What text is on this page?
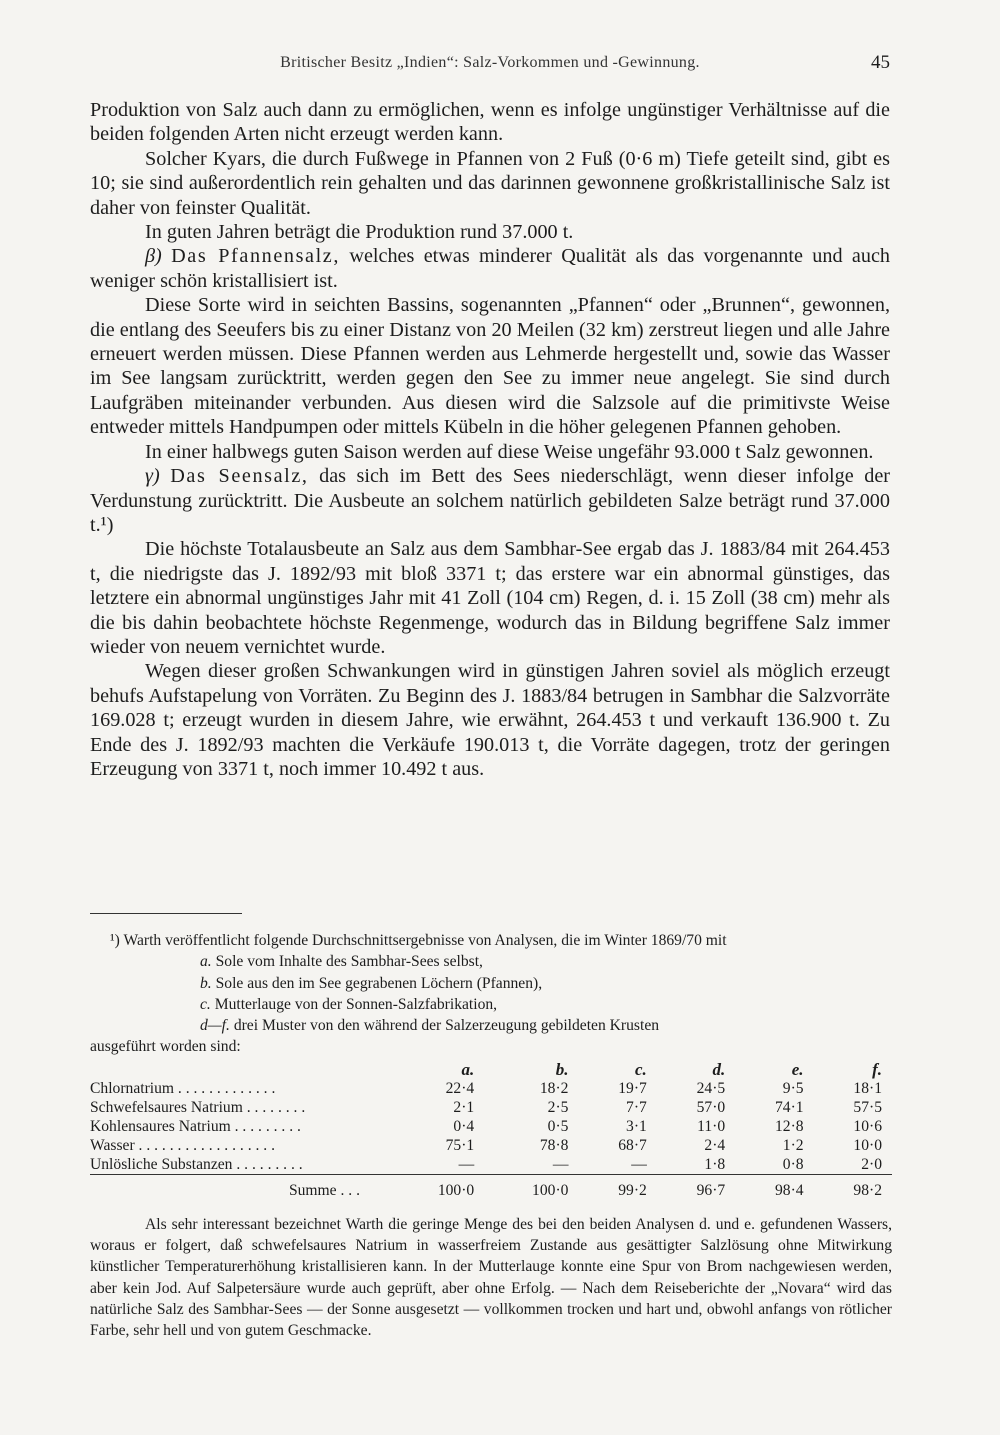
Britischer Besitz „Indien“: Salz-Vorkommen und -Gewinnung.	45

Produktion von Salz auch dann zu ermöglichen, wenn es infolge ungünstiger Verhältnisse auf die beiden folgenden Arten nicht erzeugt werden kann.

Solcher Kyars, die durch Fußwege in Pfannen von 2 Fuß (0·6 m) Tiefe geteilt sind, gibt es 10; sie sind außerordentlich rein gehalten und das darinnen gewonnene großkristallinische Salz ist daher von feinster Qualität.

In guten Jahren beträgt die Produktion rund 37.000 t.

β) Das Pfannensalz, welches etwas minderer Qualität als das vorgenannte und auch weniger schön kristallisiert ist.

Diese Sorte wird in seichten Bassins, sogenannten „Pfannen“ oder „Brunnen“, gewonnen, die entlang des Seeufers bis zu einer Distanz von 20 Meilen (32 km) zerstreut liegen und alle Jahre erneuert werden müssen. Diese Pfannen werden aus Lehmerde hergestellt und, sowie das Wasser im See langsam zurücktritt, werden gegen den See zu immer neue angelegt. Sie sind durch Laufgräben miteinander verbunden. Aus diesen wird die Salzsole auf die primitivste Weise entweder mittels Handpumpen oder mittels Kübeln in die höher gelegenen Pfannen gehoben.

In einer halbwegs guten Saison werden auf diese Weise ungefähr 93.000 t Salz gewonnen.

γ) Das Seensalz, das sich im Bett des Sees niederschlägt, wenn dieser infolge der Verdunstung zurücktritt. Die Ausbeute an solchem natürlich gebildeten Salze beträgt rund 37.000 t.¹)

Die höchste Totalausbeute an Salz aus dem Sambhar-See ergab das J. 1883/84 mit 264.453 t, die niedrigste das J. 1892/93 mit bloß 3371 t; das erstere war ein abnormal günstiges, das letztere ein abnormal ungünstiges Jahr mit 41 Zoll (104 cm) Regen, d. i. 15 Zoll (38 cm) mehr als die bis dahin beobachtete höchste Regenmenge, wodurch das in Bildung begriffene Salz immer wieder von neuem vernichtet wurde.

Wegen dieser großen Schwankungen wird in günstigen Jahren soviel als möglich erzeugt behufs Aufstapelung von Vorräten. Zu Beginn des J. 1883/84 betrugen in Sambhar die Salzvorräte 169.028 t; erzeugt wurden in diesem Jahre, wie erwähnt, 264.453 t und verkauft 136.900 t. Zu Ende des J. 1892/93 machten die Verkäufe 190.013 t, die Vorräte dagegen, trotz der geringen Erzeugung von 3371 t, noch immer 10.492 t aus.

¹) Warth veröffentlicht folgende Durchschnittsergebnisse von Analysen, die im Winter 1869/70 mit

a. Sole vom Inhalte des Sambhar-Sees selbst,
b. Sole aus den im See gegrabenen Löchern (Pfannen),
c. Mutterlauge von der Sonnen-Salzfabrikation,
d—f. drei Muster von den während der Salzerzeugung gebildeten Krusten

ausgeführt worden sind:

	a.	b.	c.	d.	e.	f.
Chlornatrium . . . . . . . . . . . . .	22·4	18·2	19·7	24·5	9·5	18·1
Schwefelsaures Natrium . . . . . . . .	2·1	2·5	7·7	57·0	74·1	57·5
Kohlensaures Natrium . . . . . . . . .	0·4	0·5	3·1	11·0	12·8	10·6
Wasser . . . . . . . . . . . . . . . . . .	75·1	78·8	68·7	2·4	1·2	10·0
Unlösliche Substanzen . . . . . . . . .	—	—	—	1·8	0·8	2·0
Summe . . .	100·0	100·0	99·2	96·7	98·4	98·2

Als sehr interessant bezeichnet Warth die geringe Menge des bei den beiden Analysen d. und e. gefundenen Wassers, woraus er folgert, daß schwefelsaures Natrium in wasserfreiem Zustande aus gesättigter Salzlösung ohne Mitwirkung künstlicher Temperaturerhöhung kristallisieren kann. In der Mutterlauge konnte eine Spur von Brom nachgewiesen werden, aber kein Jod. Auf Salpetersäure wurde auch geprüft, aber ohne Erfolg. — Nach dem Reiseberichte der „Novara“ wird das natürliche Salz des Sambhar-Sees — der Sonne ausgesetzt — vollkommen trocken und hart und, obwohl anfangs von rötlicher Farbe, sehr hell und von gutem Geschmacke.
